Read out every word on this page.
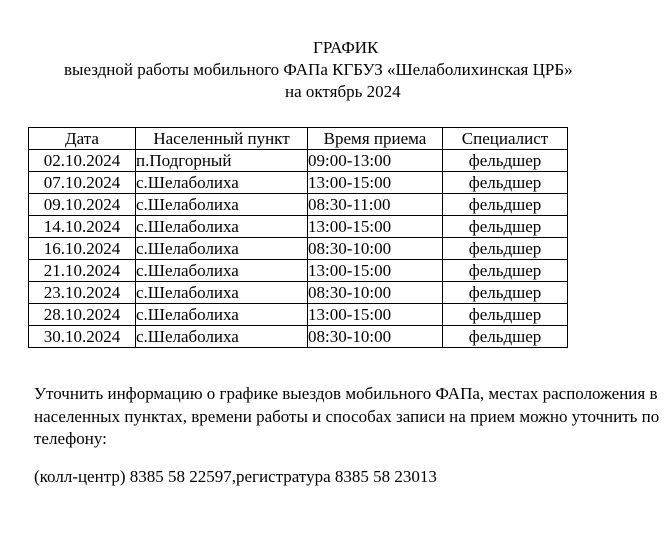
ГРАФИК
выездной работы мобильного ФАПа КГБУЗ «Шелаболихинская ЦРБ»
на октябрь 2024
Дата	Населенный пункт	Время приема	Специалист
02.10.2024	п.Подгорный	09:00-13:00	фельдшер
07.10.2024	с.Шелаболиха	13:00-15:00	фельдшер
09.10.2024	с.Шелаболиха	08:30-11:00	фельдшер
14.10.2024	с.Шелаболиха	13:00-15:00	фельдшер
16.10.2024	с.Шелаболиха	08:30-10:00	фельдшер
21.10.2024	с.Шелаболиха	13:00-15:00	фельдшер
23.10.2024	с.Шелаболиха	08:30-10:00	фельдшер
28.10.2024	с.Шелаболиха	13:00-15:00	фельдшер
30.10.2024	с.Шелаболиха	08:30-10:00	фельдшер

Уточнить информацию о графике выездов мобильного ФАПа, местах расположения в населенных пунктах, времени работы и способах записи на прием можно уточнить по телефону:

(колл-центр) 8385 58 22597,регистратура 8385 58 23013
